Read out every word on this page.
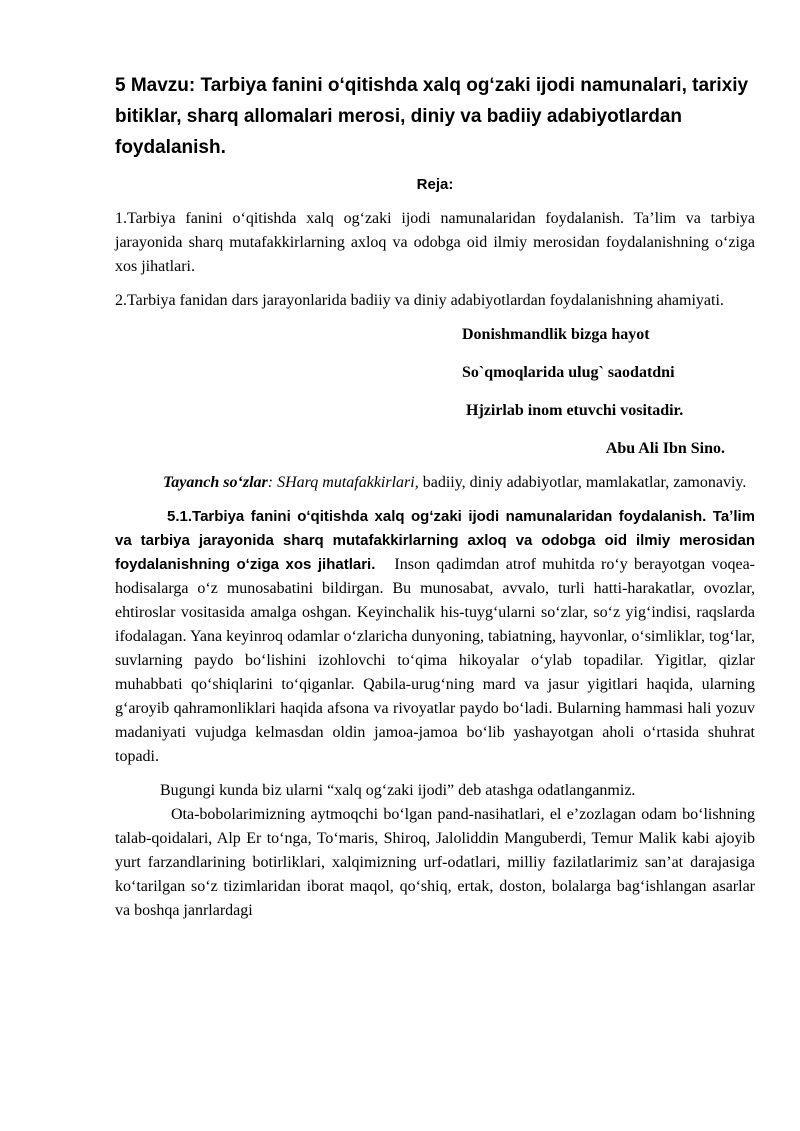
5 Mavzu: Tarbiya fanini oʻqitishda xalq ogʻzaki ijodi namunalari, tarixiy bitiklar, sharq allomalari merosi, diniy va badiiy adabiyotlardan foydalanish.
Reja:
1.Tarbiya fanini oʻqitishda xalq ogʻzaki ijodi namunalaridan foydalanish. Taʼlim va tarbiya jarayonida sharq mutafakkirlarning axloq va odobga oid ilmiy merosidan foydalanishning oʻziga xos jihatlari.
2.Tarbiya fanidan dars jarayonlarida badiiy va diniy adabiyotlardan foydalanishning ahamiyati.
Donishmandlik bizga hayot
So`qmoqlarida ulug` saodatdni
Hjzirlab inom etuvchi vositadir.
Abu Ali Ibn Sino.

Tayanch soʻzlar: SHarq mutafakkirlari, badiiy, diniy adabiyotlar, mamlakatlar, zamonaviy.

5.1.Tarbiya fanini oʻqitishda xalq ogʻzaki ijodi namunalaridan foydalanish. Taʼlim va tarbiya jarayonida sharq mutafakkirlarning axloq va odobga oid ilmiy merosidan foydalanishning oʻziga xos jihatlari.   Inson qadimdan atrof muhitda roʻy berayotgan voqea-hodisalarga oʻz munosabatini bildirgan. Bu munosabat, avvalo, turli hatti-harakatlar, ovozlar, ehtiroslar vositasida amalga oshgan. Keyinchalik his-tuygʻularni soʻzlar, soʻz yigʻindisi, raqslarda ifodalagan. Yana keyinroq odamlar oʻzlaricha dunyoning, tabiatning, hayvonlar, oʻsimliklar, togʻlar, suvlarning paydo boʻlishini izohlovchi toʻqima hikoyalar oʻylab topadilar. Yigitlar, qizlar muhabbati qoʻshiqlarini toʻqiganlar. Qabila-urugʻning mard va jasur yigitlari haqida, ularning gʻaroyib qahramonliklari haqida afsona va rivoyatlar paydo boʻladi. Bularning hammasi hali yozuv madaniyati vujudga kelmasdan oldin jamoa-jamoa boʻlib yashayotgan aholi oʻrtasida shuhrat topadi.

Bugungi kunda biz ularni “xalq ogʻzaki ijodi” deb atashga odatlanganmiz.
Ota-bobolarimizning aytmoqchi boʻlgan pand-nasihatlari, el eʼzozlagan odam boʻlishning talab-qoidalari, Alp Er toʻnga, Toʻmaris, Shiroq, Jaloliddin Manguberdi, Temur Malik kabi ajoyib yurt farzandlarining botirliklari, xalqimizning urf-odatlari, milliy fazilatlarimiz sanʼat darajasiga koʻtarilgan soʻz tizimlaridan iborat maqol, qoʻshiq, ertak, doston, bolalarga bagʻishlangan asarlar va boshqa janrlardagi
